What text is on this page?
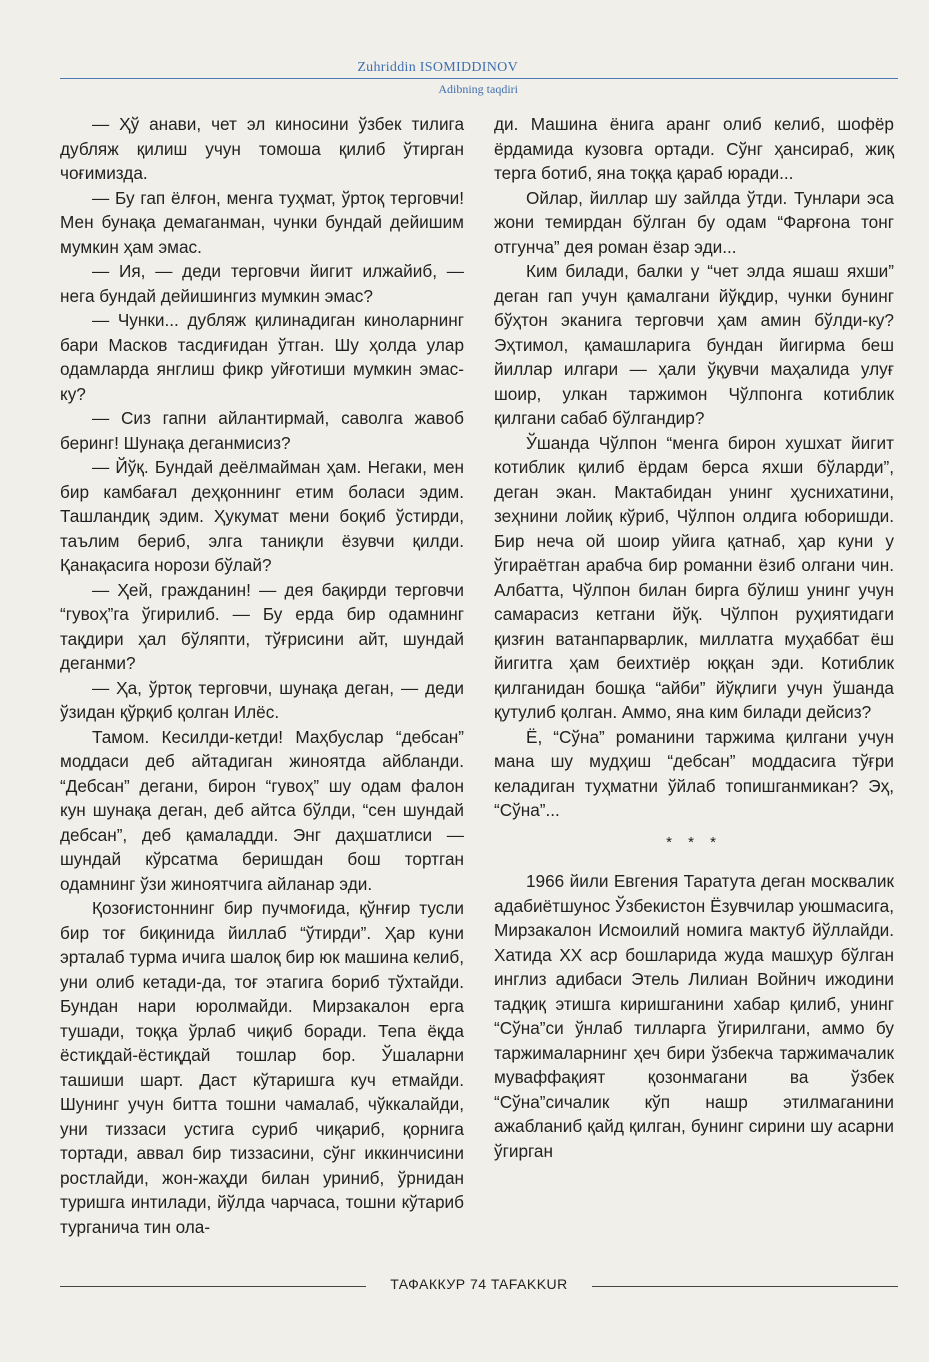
Zuhriddin ISOMIDDINOV
Adibning taqdiri

— Ҳў анави, чет эл киносини ўзбек тилига дубляж қилиш учун томоша қилиб ўтирган чоғимизда.

— Бу гап ёлғон, менга туҳмат, ўртоқ терговчи! Мен бунақа демаганман, чунки бундай дейишим мумкин ҳам эмас.

— Ия, — деди терговчи йигит илжайиб, — нега бундай дейишингиз мумкин эмас?

— Чунки... дубляж қилинадиган кинoларнинг бари Масков тасдиғидан ўтган. Шу ҳолда улар одамларда янглиш фикр уйғотиши мумкин эмас-ку?

— Сиз гапни айлантирмай, саволга жавоб беринг! Шунақа деганмисиз?

— Йўқ. Бундай деёлмайман ҳам. Негаки, мен бир камбағал деҳқоннинг етим боласи эдим. Ташландиқ эдим. Ҳукумат мени боқиб ўстирди, таълим бериб, элга таниқли ёзувчи қилди. Қанақасига норози бўлай?

— Ҳей, гражданин! — дея бақирди терговчи “гувоҳ”га ўгирилиб. — Бу ерда бир одамнинг тақдири ҳал бўляпти, тўғрисини айт, шундай деганми?

— Ҳа, ўртоқ терговчи, шунақа деган, — деди ўзидан қўрқиб қолган Илёс.

Тамом. Кесилди-кетди! Маҳбуслар “дебсан” моддаси деб айтадиган жиноятда айбланди. “Дебсан” дегани, бирон “гувоҳ” шу одам фалон кун шунақа деган, деб айтса бўлди, “сен шундай дебсан”, деб қамаладди. Энг даҳшатлиси — шундай кўрсатма беришдан бош тортган одамнинг ўзи жиноятчига айланар эди.

Қозоғистоннинг бир пучмоғида, қўнғир тусли бир тоғ биқинида йиллаб “ўтирди”. Ҳар куни эрталаб турма ичига шалоқ бир юк машина келиб, уни олиб кетади-да, тоғ этагига бориб тўхтайди. Бундан нари юролмайди. Мирзакалон ерга тушади, тоққа ўрлаб чиқиб боради. Тепа ёқда ёстиқдай-ёстиқдай тошлар бор. Ўшаларни ташиши шарт. Даст кўтаришга куч етмайди. Шунинг учун битта тошни чамалаб, чўккалайди, уни тиззаси устига суриб чиқариб, қорнига тортади, аввал бир тиззасини, сўнг иккинчисини ростлайди, жон-жаҳди билан уриниб, ўрнидан туришга интилади, йўлда чарчаса, тошни кўтариб турганича тин ола-

ди. Машина ёнига аранг олиб келиб, шофёр ёрдамида кузовга ортади. Сўнг ҳансираб, жиқ терга ботиб, яна тоққа қараб юради...

Ойлар, йиллар шу зайлда ўтди. Тунлари эса жони темирдан бўлган бу одам “Фарғона тонг отгунча” дея роман ёзар эди...

Ким билади, балки у “чет элда яшаш яхши” деган гап учун қамалгани йўқдир, чунки бунинг бўҳтон эканига терговчи ҳам амин бўлди-ку? Эҳтимол, қамашларига бундан йигирма беш йиллар илгари — ҳали ўқувчи маҳалида улуғ шоир, улкан таржимон Чўлпонга котиблик қилгани сабаб бўлгандир?

Ўшанда Чўлпон “менга бирон хушхат йигит котиблик қилиб ёрдам берса яхши бўларди”, деган экан. Мактабидан унинг ҳуснихатини, зеҳнини лойиқ кўриб, Чўлпон олдига юборишди. Бир неча ой шоир уйига қатнаб, ҳар куни у ўгираётган арабча бир романни ёзиб олгани чин. Албатта, Чўлпон билан бирга бўлиш унинг учун самарасиз кетгани йўқ. Чўлпон руҳиятидаги қизғин ватанпарварлик, миллатга муҳаббат ёш йигитга ҳам беихтиёр юққан эди. Котиблик қилганидан бошқа “айби” йўқлиги учун ўшанда қутулиб қолган. Аммо, яна ким билади дейсиз?

Ё, “Сўна” романини таржима қилгани учун мана шу мудҳиш “дебсан” моддасига тўғри келадиган туҳматни ўйлаб топишганмикан? Эҳ, “Сўна”...

* * *

1966 йили Евгения Таратута деган москвалик адабиётшунос Ўзбекистон Ёзувчилар уюшмасига, Мирзакалон Исмоилий номига мактуб йўллайди. Хатида XX аср бошларида жуда машҳур бўлган инглиз адибаси Этель Лилиан Войнич ижодини тадқиқ этишга киришганини хабар қилиб, унинг “Сўна”си ўнлаб тилларга ўгирилгани, аммо бу таржималарнинг ҳеч бири ўзбекча таржимачалик муваффақият қозонмагани ва ўзбек “Сўна”сичалик кўп нашр этилмаганини ажабланиб қайд қилган, бунинг сирини шу асарни ўгирган

ТАФАККУР 74 TAFAKKUR
